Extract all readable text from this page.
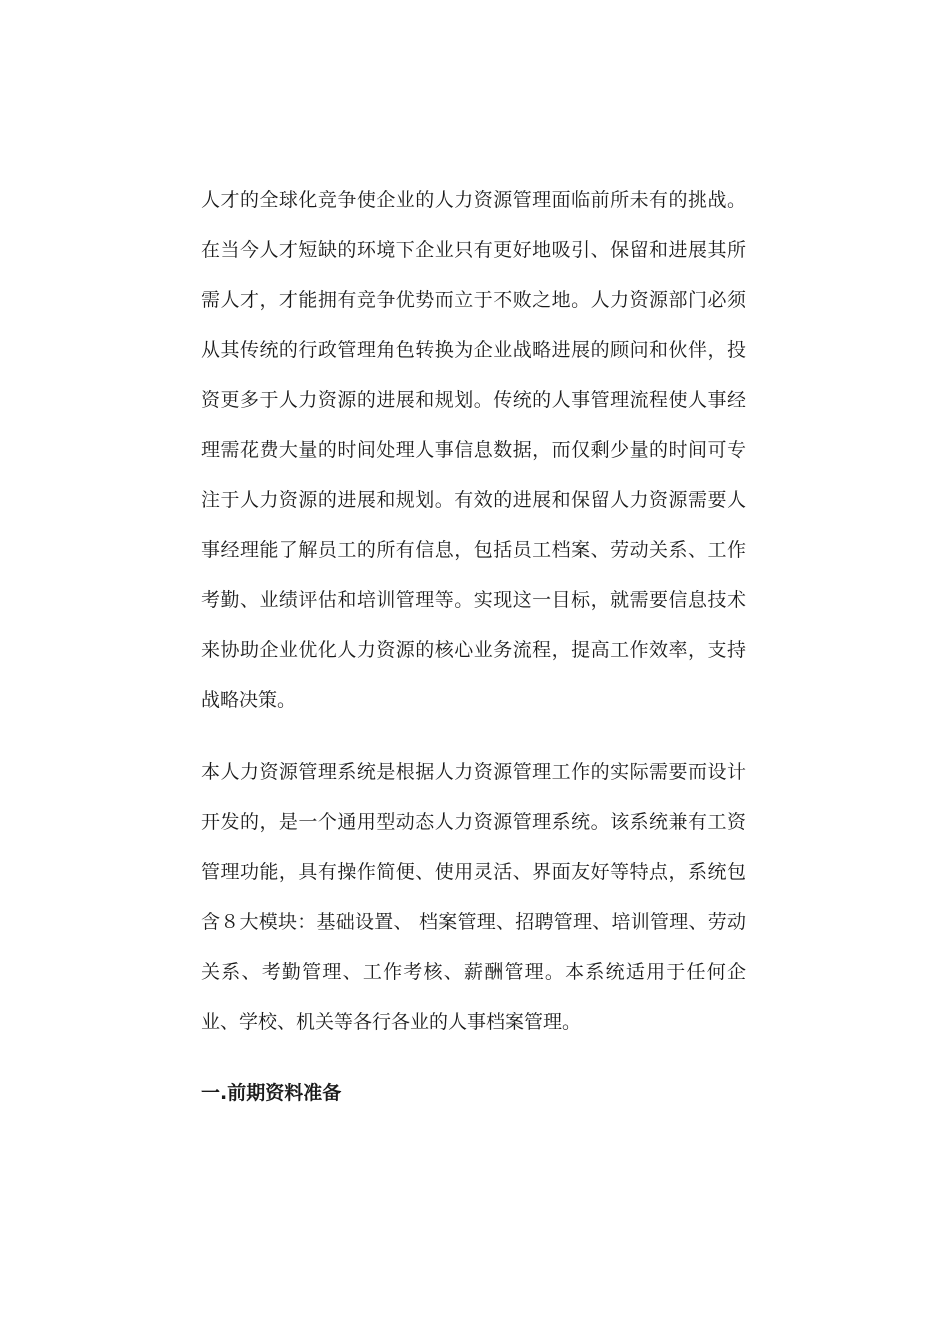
人才的全球化竞争使企业的人力资源管理面临前所未有的挑战。在当今人才短缺的环境下企业只有更好地吸引、保留和进展其所需人才，才能拥有竞争优势而立于不败之地。人力资源部门必须从其传统的行政管理角色转换为企业战略进展的顾问和伙伴，投资更多于人力资源的进展和规划。传统的人事管理流程使人事经理需花费大量的时间处理人事信息数据，而仅剩少量的时间可专注于人力资源的进展和规划。有效的进展和保留人力资源需要人事经理能了解员工的所有信息，包括员工档案、劳动关系、工作考勤、业绩评估和培训管理等。实现这一目标，就需要信息技术来协助企业优化人力资源的核心业务流程，提高工作效率，支持战略决策。

本人力资源管理系统是根据人力资源管理工作的实际需要而设计开发的，是一个通用型动态人力资源管理系统。该系统兼有工资管理功能，具有操作简便、使用灵活、界面友好等特点，系统包含８大模块：基础设置、 档案管理、招聘管理、培训管理、劳动关系、考勤管理、工作考核、薪酬管理。本系统适用于任何企业、学校、机关等各行各业的人事档案管理。

一.前期资料准备
